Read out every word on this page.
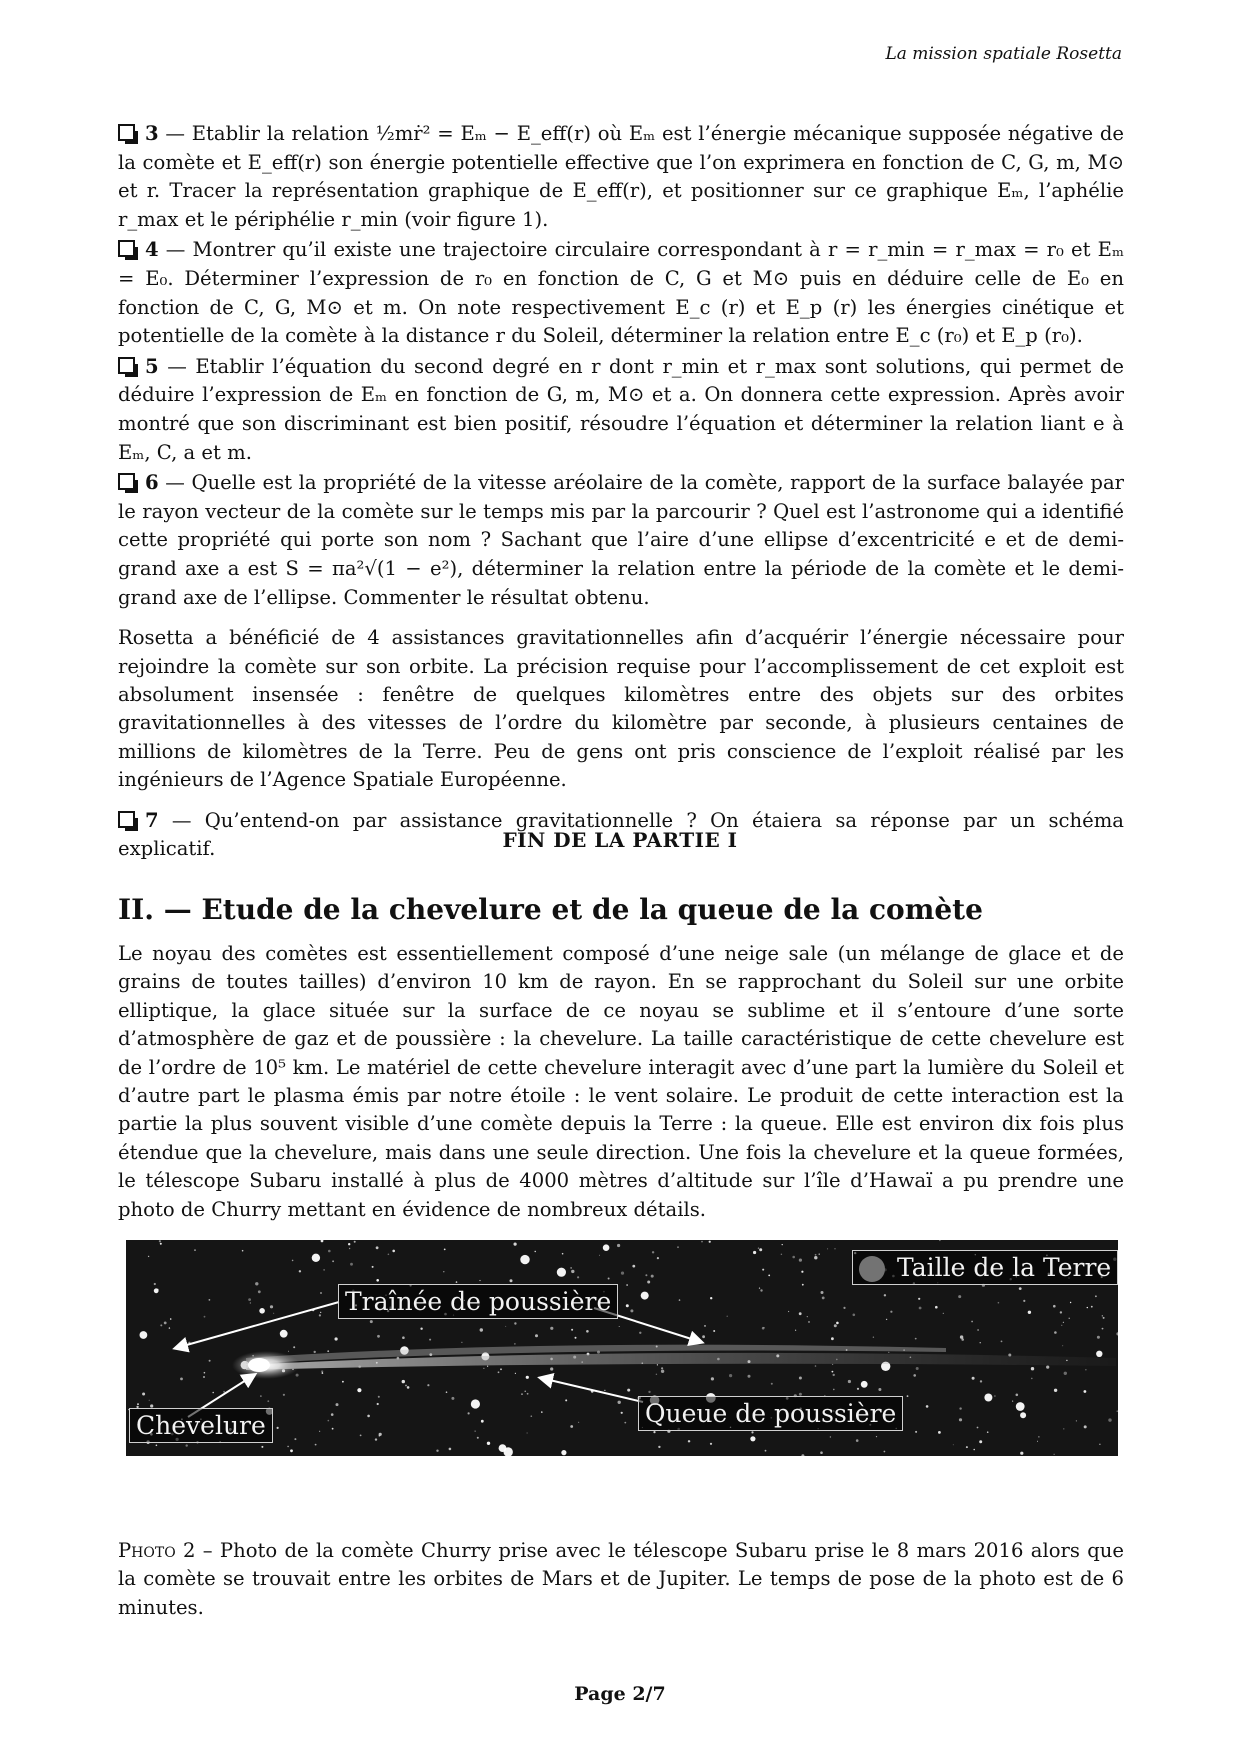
La mission spatiale Rosetta
3 — Etablir la relation ½mṙ² = Eₘ − E_eff(r) où Eₘ est l’énergie mécanique supposée négative de la comète et E_eff(r) son énergie potentielle effective que l’on exprimera en fonction de C, G, m, M⊙ et r. Tracer la représentation graphique de E_eff(r), et positionner sur ce graphique Eₘ, l’aphélie r_max et le périphélie r_min (voir figure 1).
4 — Montrer qu’il existe une trajectoire circulaire correspondant à r = r_min = r_max = r₀ et Eₘ = E₀. Déterminer l’expression de r₀ en fonction de C, G et M⊙ puis en déduire celle de E₀ en fonction de C, G, M⊙ et m. On note respectivement E_c (r) et E_p (r) les énergies cinétique et potentielle de la comète à la distance r du Soleil, déterminer la relation entre E_c (r₀) et E_p (r₀).
5 — Etablir l’équation du second degré en r dont r_min et r_max sont solutions, qui permet de déduire l’expression de Eₘ en fonction de G, m, M⊙ et a. On donnera cette expression. Après avoir montré que son discriminant est bien positif, résoudre l’équation et déterminer la relation liant e à Eₘ, C, a et m.
6 — Quelle est la propriété de la vitesse aréolaire de la comète, rapport de la surface balayée par le rayon vecteur de la comète sur le temps mis par la parcourir ? Quel est l’astronome qui a identifié cette propriété qui porte son nom ? Sachant que l’aire d’une ellipse d’excentricité e et de demi-grand axe a est S = πa²√(1 − e²), déterminer la relation entre la période de la comète et le demi-grand axe de l’ellipse. Commenter le résultat obtenu.
Rosetta a bénéficié de 4 assistances gravitationnelles afin d’acquérir l’énergie nécessaire pour rejoindre la comète sur son orbite. La précision requise pour l’accomplissement de cet exploit est absolument insensée : fenêtre de quelques kilomètres entre des objets sur des orbites gravitationnelles à des vitesses de l’ordre du kilomètre par seconde, à plusieurs centaines de millions de kilomètres de la Terre. Peu de gens ont pris conscience de l’exploit réalisé par les ingénieurs de l’Agence Spatiale Européenne.
7 — Qu’entend-on par assistance gravitationnelle ? On étaiera sa réponse par un schéma explicatif.	FIN DE LA PARTIE I
II. — Etude de la chevelure et de la queue de la comète
Le noyau des comètes est essentiellement composé d’une neige sale (un mélange de glace et de grains de toutes tailles) d’environ 10 km de rayon. En se rapprochant du Soleil sur une orbite elliptique, la glace située sur la surface de ce noyau se sublime et il s’entoure d’une sorte d’atmosphère de gaz et de poussière : la chevelure. La taille caractéristique de cette chevelure est de l’ordre de 10⁵ km. Le matériel de cette chevelure interagit avec d’une part la lumière du Soleil et d’autre part le plasma émis par notre étoile : le vent solaire. Le produit de cette interaction est la partie la plus souvent visible d’une comète depuis la Terre : la queue. Elle est environ dix fois plus étendue que la chevelure, mais dans une seule direction. Une fois la chevelure et la queue formées, le télescope Subaru installé à plus de 4000 mètres d’altitude sur l’île d’Hawaï a pu prendre une photo de Churry mettant en évidence de nombreux détails.
Taille de la Terre
Traînée de poussière
Chevelure	Queue de poussière
Photo 2 – Photo de la comète Churry prise avec le télescope Subaru prise le 8 mars 2016 alors que la comète se trouvait entre les orbites de Mars et de Jupiter. Le temps de pose de la photo est de 6 minutes.
Page 2/7
